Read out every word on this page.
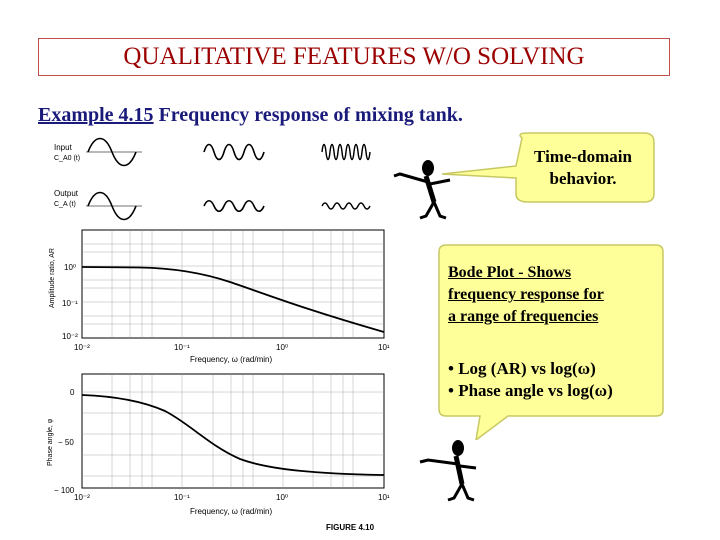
QUALITATIVE FEATURES W/O SOLVING
Example 4.15 Frequency response of mixing tank.
Input
C_A0 (t)
Output
C_A (t)
Amplitude ratio, AR 10⁰
10⁻¹
10⁻²
10⁻²	10⁻¹	10⁰	10¹
Frequency, ω (rad/min)
Phase angle, φ
0
− 50
− 100
10⁻²	10⁻¹	10⁰	10¹
Frequency, ω (rad/min)
FIGURE 4.10
Time-domain
behavior.
Bode Plot - Shows
frequency response for
a range of frequencies
• Log (AR) vs log(ω)
• Phase angle vs log(ω)
